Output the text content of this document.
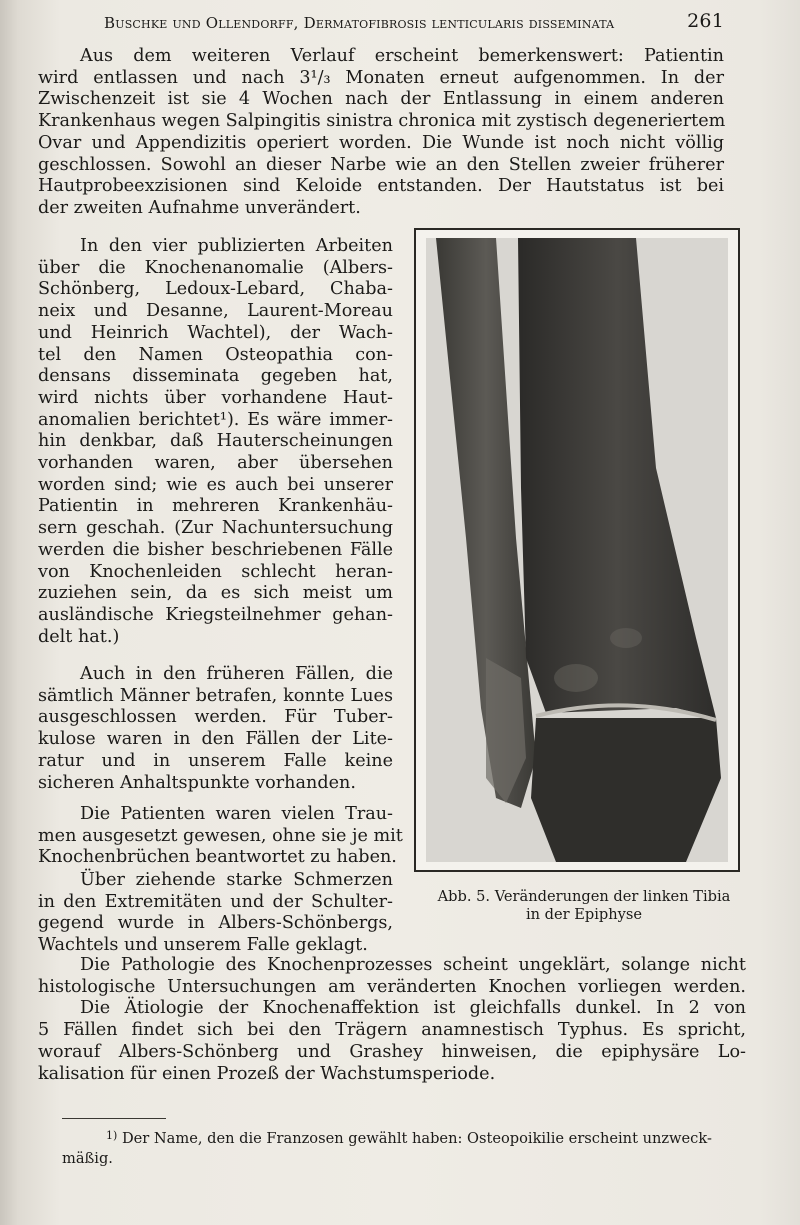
Buschke und Ollendorff, Dermatofibrosis lenticularis disseminata	261
Aus dem weiteren Verlauf erscheint bemerkenswert: Patientin
wird entlassen und nach 3¹/₃ Monaten erneut aufgenommen. In der
Zwischenzeit ist sie 4 Wochen nach der Entlassung in einem anderen
Krankenhaus wegen Salpingitis sinistra chronica mit zystisch degeneriertem
Ovar und Appendizitis operiert worden. Die Wunde ist noch nicht völlig
geschlossen. Sowohl an dieser Narbe wie an den Stellen zweier früherer
Hautprobeexzisionen sind Keloide entstanden. Der Hautstatus ist bei
der zweiten Aufnahme unverändert.
In den vier publizierten Arbeiten
über die Knochenanomalie (Albers-
Schönberg, Ledoux-Lebard, Chaba-
neix und Desanne, Laurent-Moreau
und Heinrich Wachtel), der Wach-
tel den Namen Osteopathia con-
densans disseminata gegeben hat,
wird nichts über vorhandene Haut-
anomalien berichtet¹). Es wäre immer-
hin denkbar, daß Hauterscheinungen
vorhanden waren, aber übersehen
worden sind; wie es auch bei unserer
Patientin in mehreren Krankenhäu-
sern geschah. (Zur Nachuntersuchung
werden die bisher beschriebenen Fälle
von Knochenleiden schlecht heran-
zuziehen sein, da es sich meist um
ausländische Kriegsteilnehmer gehan-
delt hat.)
Auch in den früheren Fällen, die
sämtlich Männer betrafen, konnte Lues
ausgeschlossen werden. Für Tuber-
kulose waren in den Fällen der Lite-
ratur und in unserem Falle keine
sicheren Anhaltspunkte vorhanden.
Die Patienten waren vielen Trau-
men ausgesetzt gewesen, ohne sie je mit
Knochenbrüchen beantwortet zu haben.
Über ziehende starke Schmerzen
in den Extremitäten und der Schulter-
gegend wurde in Albers-Schönbergs,
Wachtels und unserem Falle geklagt.
Abb. 5. Veränderungen der linken Tibia
in der Epiphyse
Die Pathologie des Knochenprozesses scheint ungeklärt, solange nicht
histologische Untersuchungen am veränderten Knochen vorliegen werden.
Die Ätiologie der Knochenaffektion ist gleichfalls dunkel. In 2 von
5 Fällen findet sich bei den Trägern anamnestisch Typhus. Es spricht,
worauf Albers-Schönberg und Grashey hinweisen, die epiphysäre Lo-
kalisation für einen Prozeß der Wachstumsperiode.
$^{1)}$ Der Name, den die Franzosen gewählt haben: Osteopoikilie erscheint unzweck-
mäßig.
